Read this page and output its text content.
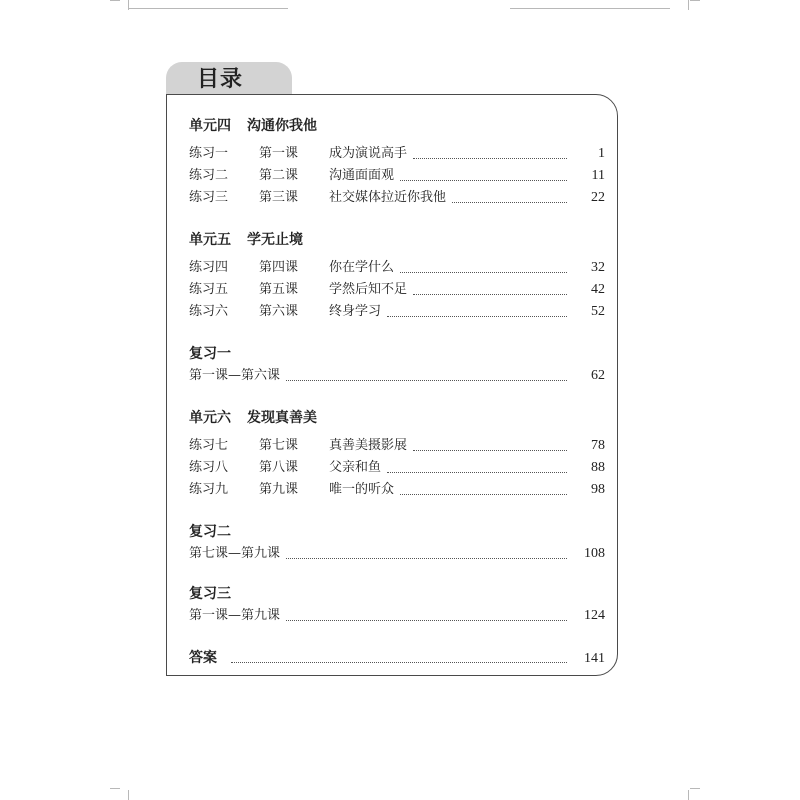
目录
单元四 沟通你我他
练习一	第一课	成为演说高手	1
练习二	第二课	沟通面面观	11
练习三	第三课	社交媒体拉近你我他	22
单元五 学无止境
练习四	第四课	你在学什么	32
练习五	第五课	学然后知不足	42
练习六	第六课	终身学习	52
复习一
第一课—第六课	62
单元六 发现真善美
练习七	第七课	真善美摄影展	78
练习八	第八课	父亲和鱼	88
练习九	第九课	唯一的听众	98
复习二
第七课—第九课	108
复习三
第一课—第九课	124
答案	141
